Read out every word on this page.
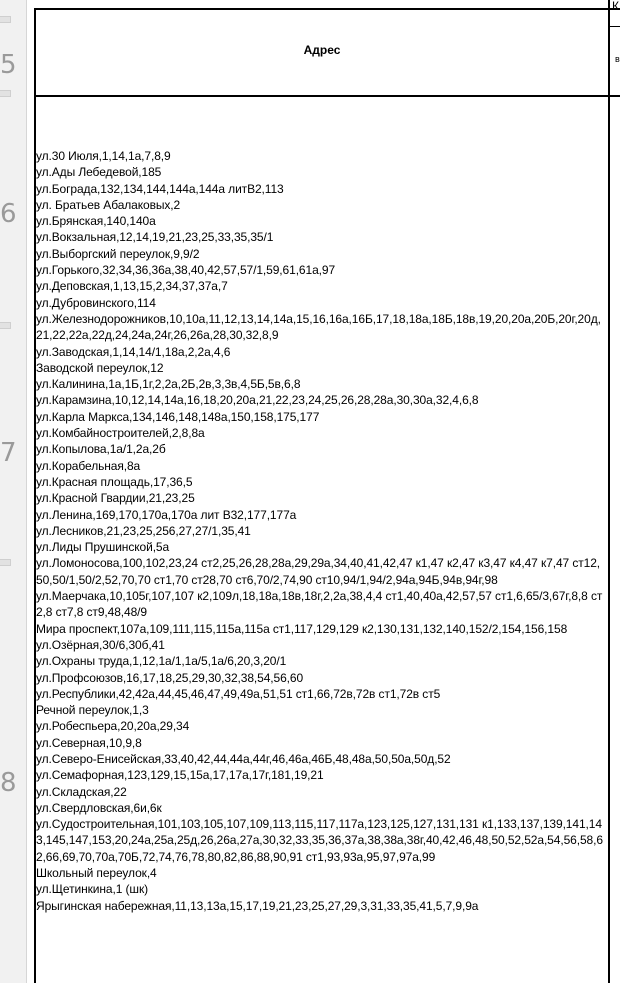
5
6
7
8
Адрес
К
в
ул.30 Июля,1,14,1а,7,8,9
ул.Ады Лебедевой,185
ул.Бограда,132,134,144,144а,144а литВ2,113
ул. Братьев Абалаковых,2
ул.Брянская,140,140а
ул.Вокзальная,12,14,19,21,23,25,33,35,35/1
ул.Выборгский переулок,9,9/2
ул.Горького,32,34,36,36а,38,40,42,57,57/1,59,61,61а,97
ул.Деповская,1,13,15,2,34,37,37а,7
ул.Дубровинского,114
ул.Железнодорожников,10,10а,11,12,13,14,14а,15,16,16а,16Б,17,18,18а,18Б,18в,19,20,20а,20Б,20г,20д,21,22,22а,22д,24,24а,24г,26,26а,28,30,32,8,9
ул.Заводская,1,14,14/1,18а,2,2а,4,6
Заводской переулок,12
ул.Калинина,1а,1Б,1г,2,2а,2Б,2в,3,3в,4,5Б,5в,6,8
ул.Карамзина,10,12,14,14а,16,18,20,20а,21,22,23,24,25,26,28,28а,30,30а,32,4,6,8
ул.Карла Маркса,134,146,148,148а,150,158,175,177
ул.Комбайностроителей,2,8,8а
ул.Копылова,1а/1,2а,2б
ул.Корабельная,8а
ул.Красная площадь,17,36,5
ул.Красной Гвардии,21,23,25
ул.Ленина,169,170,170а,170а лит В32,177,177а
ул.Лесников,21,23,25,256,27,27/1,35,41
ул.Лиды Прушинской,5а
ул.Ломоносова,100,102,23,24 ст2,25,26,28,28а,29,29а,34,40,41,42,47 к1,47 к2,47 к3,47 к4,47 к7,47 ст12,50,50/1,50/2,52,70,70 ст1,70 ст28,70 ст6,70/2,74,90 ст10,94/1,94/2,94а,94Б,94в,94г,98
ул.Маерчака,10,105г,107,107 к2,109л,18,18а,18в,18г,2,2а,38,4,4 ст1,40,40а,42,57,57 ст1,6,65/3,67г,8,8 ст2,8 ст7,8 ст9,48,48/9
Мира проспект,107а,109,111,115,115а,115а ст1,117,129,129 к2,130,131,132,140,152/2,154,156,158
ул.Озёрная,30/6,30б,41
ул.Охраны труда,1,12,1а/1,1а/5,1а/6,20,3,20/1
ул.Профсоюзов,16,17,18,25,29,30,32,38,54,56,60
ул.Республики,42,42а,44,45,46,47,49,49а,51,51 ст1,66,72в,72в ст1,72в ст5
Речной переулок,1,3
ул.Робеспьера,20,20а,29,34
ул.Северная,10,9,8
ул.Северо-Енисейская,33,40,42,44,44а,44г,46,46а,46Б,48,48а,50,50а,50д,52
ул.Семафорная,123,129,15,15а,17,17а,17г,181,19,21
ул.Складская,22
ул.Свердловская,6и,6к
ул.Судостроительная,101,103,105,107,109,113,115,117,117а,123,125,127,131,131 к1,133,137,139,141,143,145,147,153,20,24а,25а,25д,26,26а,27а,30,32,33,35,36,37а,38,38а,38г,40,42,46,48,50,52,52а,54,56,58,62,66,69,70,70а,70Б,72,74,76,78,80,82,86,88,90,91 ст1,93,93а,95,97,97а,99
Школьный переулок,4
ул.Щетинкина,1 (шк)
Ярыгинская набережная,11,13,13а,15,17,19,21,23,25,27,29,3,31,33,35,41,5,7,9,9а
